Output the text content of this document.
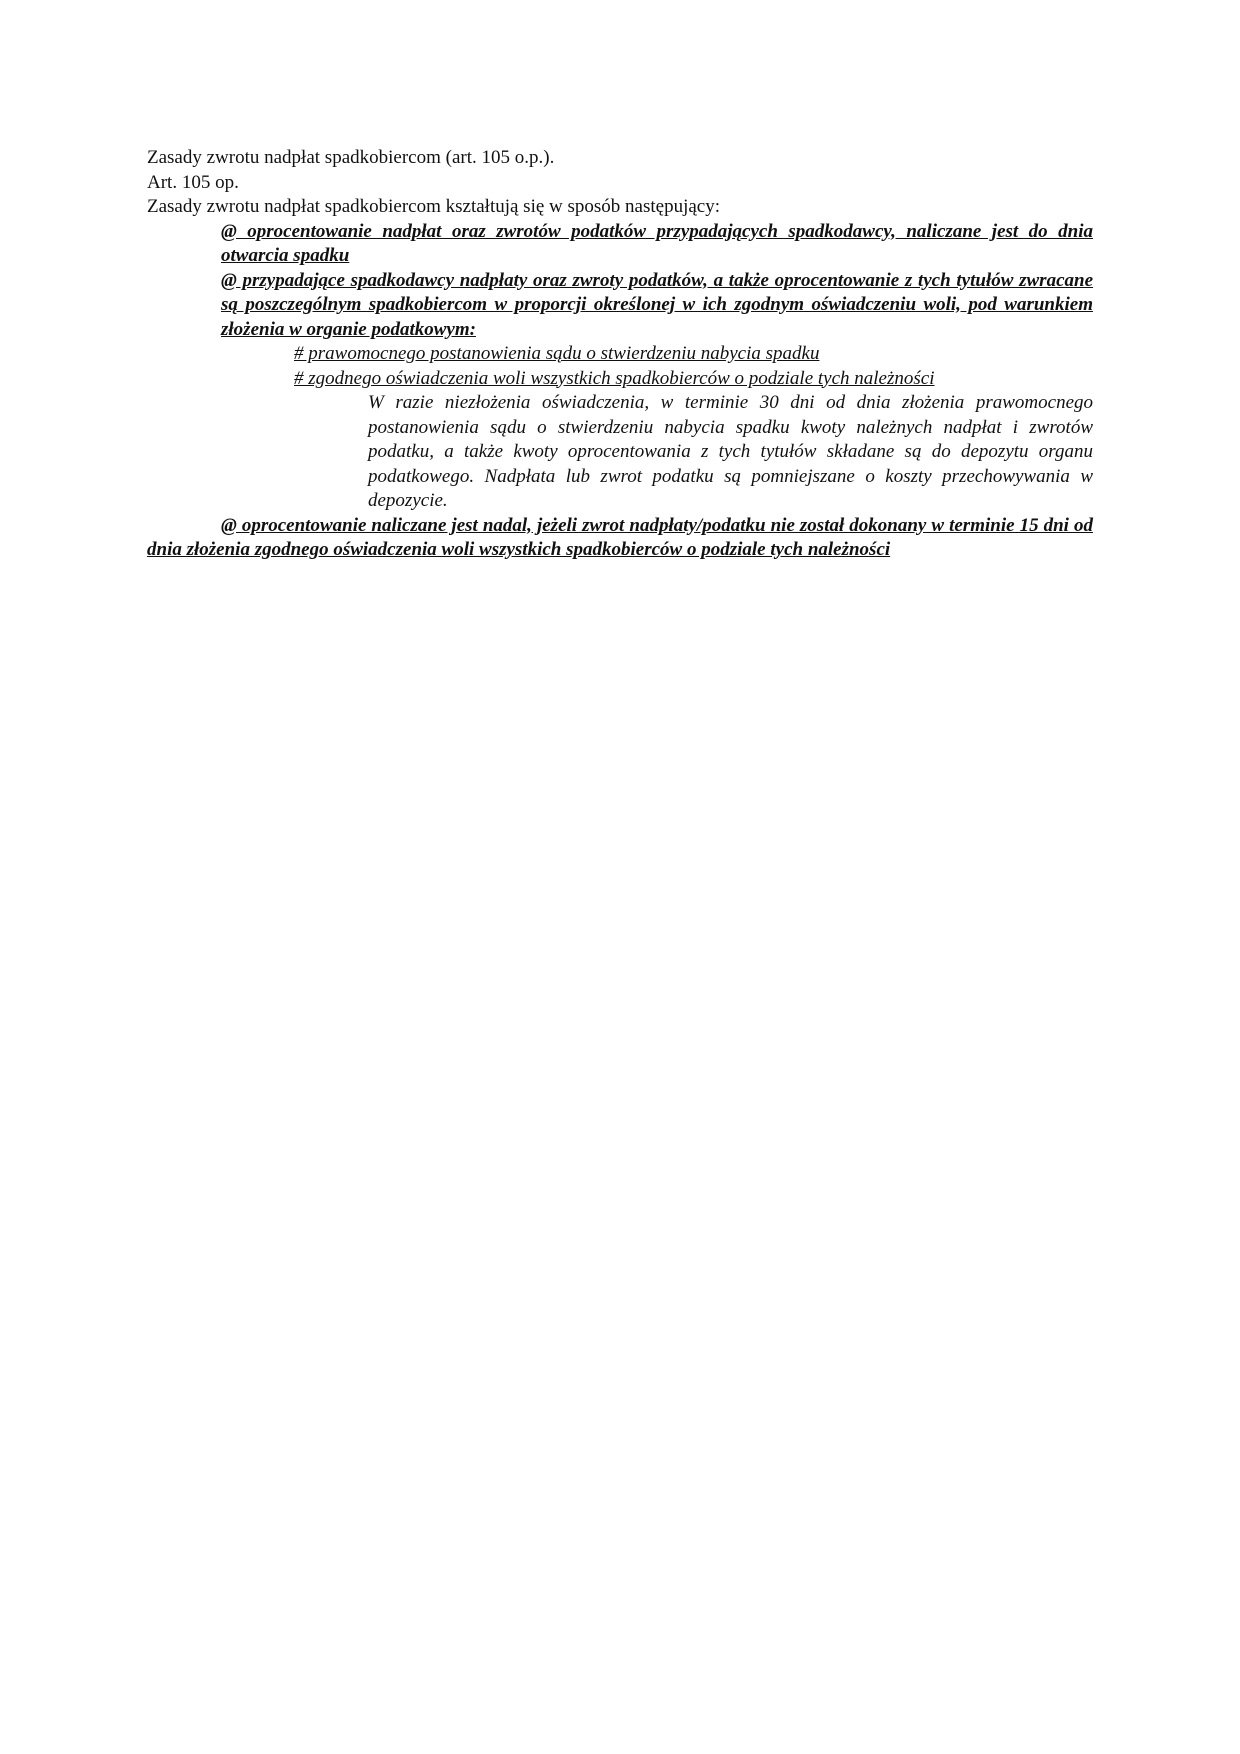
Zasady zwrotu nadpłat spadkobiercom (art. 105 o.p.).

Art. 105 op.

Zasady zwrotu nadpłat spadkobiercom kształtują się w sposób następujący:

@ oprocentowanie nadpłat oraz zwrotów podatków przypadających spadkodawcy, naliczane jest do dnia otwarcia spadku

@ przypadające spadkodawcy nadpłaty oraz zwroty podatków, a także oprocentowanie z tych tytułów zwracane są poszczególnym spadkobiercom w proporcji określonej w ich zgodnym oświadczeniu woli, pod warunkiem złożenia w organie podatkowym:

# prawomocnego postanowienia sądu o stwierdzeniu nabycia spadku

# zgodnego oświadczenia woli wszystkich spadkobierców o podziale tych należności

W razie niezłożenia oświadczenia, w terminie 30 dni od dnia złożenia prawomocnego postanowienia sądu o stwierdzeniu nabycia spadku kwoty należnych nadpłat i zwrotów podatku, a także kwoty oprocentowania z tych tytułów składane są do depozytu organu podatkowego. Nadpłata lub zwrot podatku są pomniejszane o koszty przechowywania w depozycie.

@ oprocentowanie naliczane jest nadal, jeżeli zwrot nadpłaty/podatku nie został dokonany w terminie 15 dni od dnia złożenia zgodnego oświadczenia woli wszystkich spadkobierców o podziale tych należności
